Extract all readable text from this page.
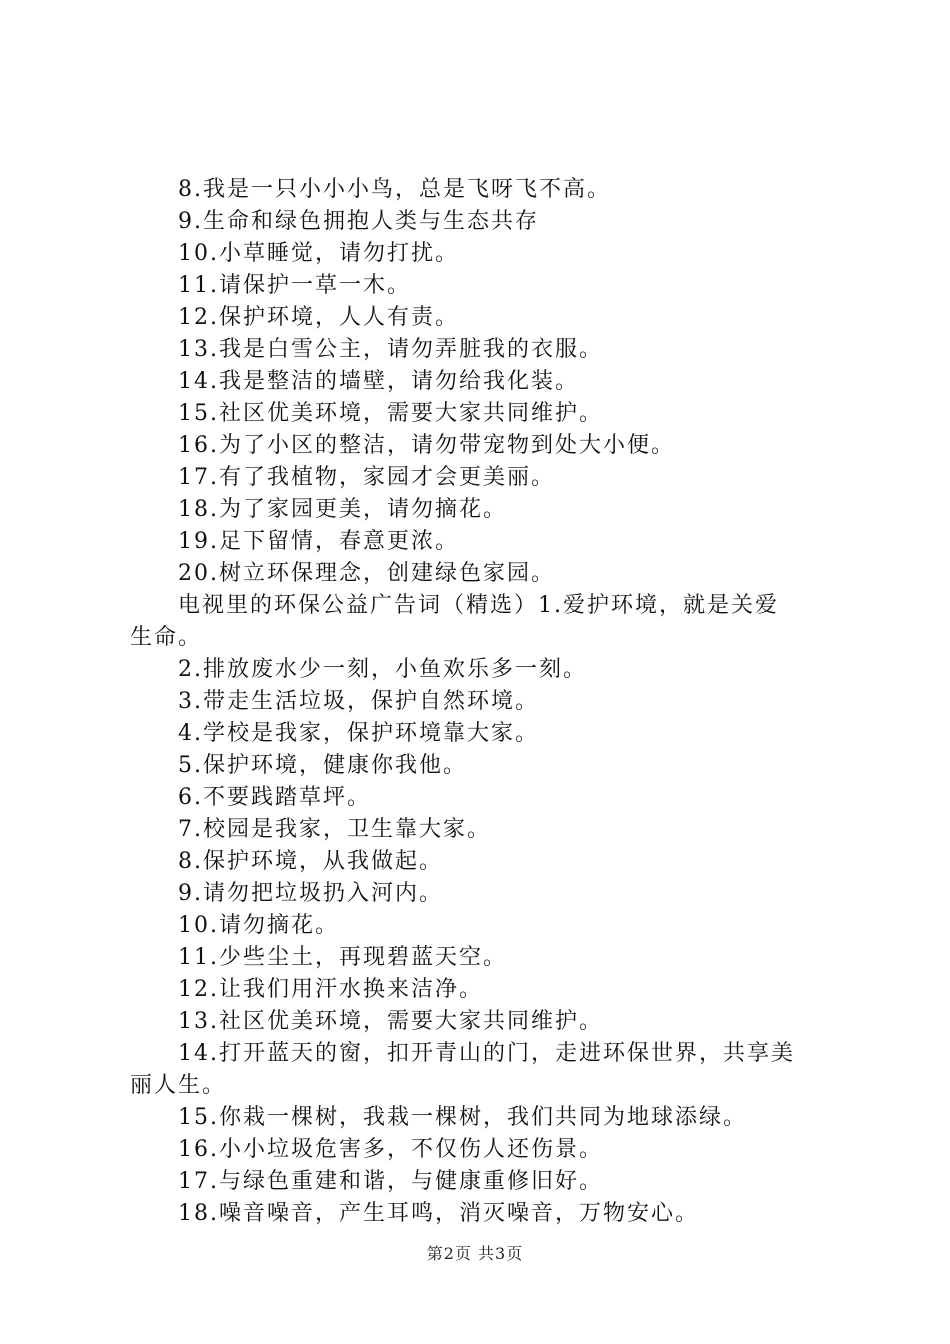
8.我是一只小小小鸟，总是飞呀飞不高。
9.生命和绿色拥抱人类与生态共存
10.小草睡觉，请勿打扰。
11.请保护一草一木。
12.保护环境，人人有责。
13.我是白雪公主，请勿弄脏我的衣服。
14.我是整洁的墙壁，请勿给我化装。
15.社区优美环境，需要大家共同维护。
16.为了小区的整洁，请勿带宠物到处大小便。
17.有了我植物，家园才会更美丽。
18.为了家园更美，请勿摘花。
19.足下留情，春意更浓。
20.树立环保理念，创建绿色家园。
电视里的环保公益广告词（精选）1.爱护环境，就是关爱
生命。
2.排放废水少一刻，小鱼欢乐多一刻。
3.带走生活垃圾，保护自然环境。
4.学校是我家，保护环境靠大家。
5.保护环境，健康你我他。
6.不要践踏草坪。
7.校园是我家，卫生靠大家。
8.保护环境，从我做起。
9.请勿把垃圾扔入河内。
10.请勿摘花。
11.少些尘土，再现碧蓝天空。
12.让我们用汗水换来洁净。
13.社区优美环境，需要大家共同维护。
14.打开蓝天的窗，扣开青山的门，走进环保世界，共享美
丽人生。
15.你栽一棵树，我栽一棵树，我们共同为地球添绿。
16.小小垃圾危害多，不仅伤人还伤景。
17.与绿色重建和谐，与健康重修旧好。
18.噪音噪音，产生耳鸣，消灭噪音，万物安心。
第2页 共3页
